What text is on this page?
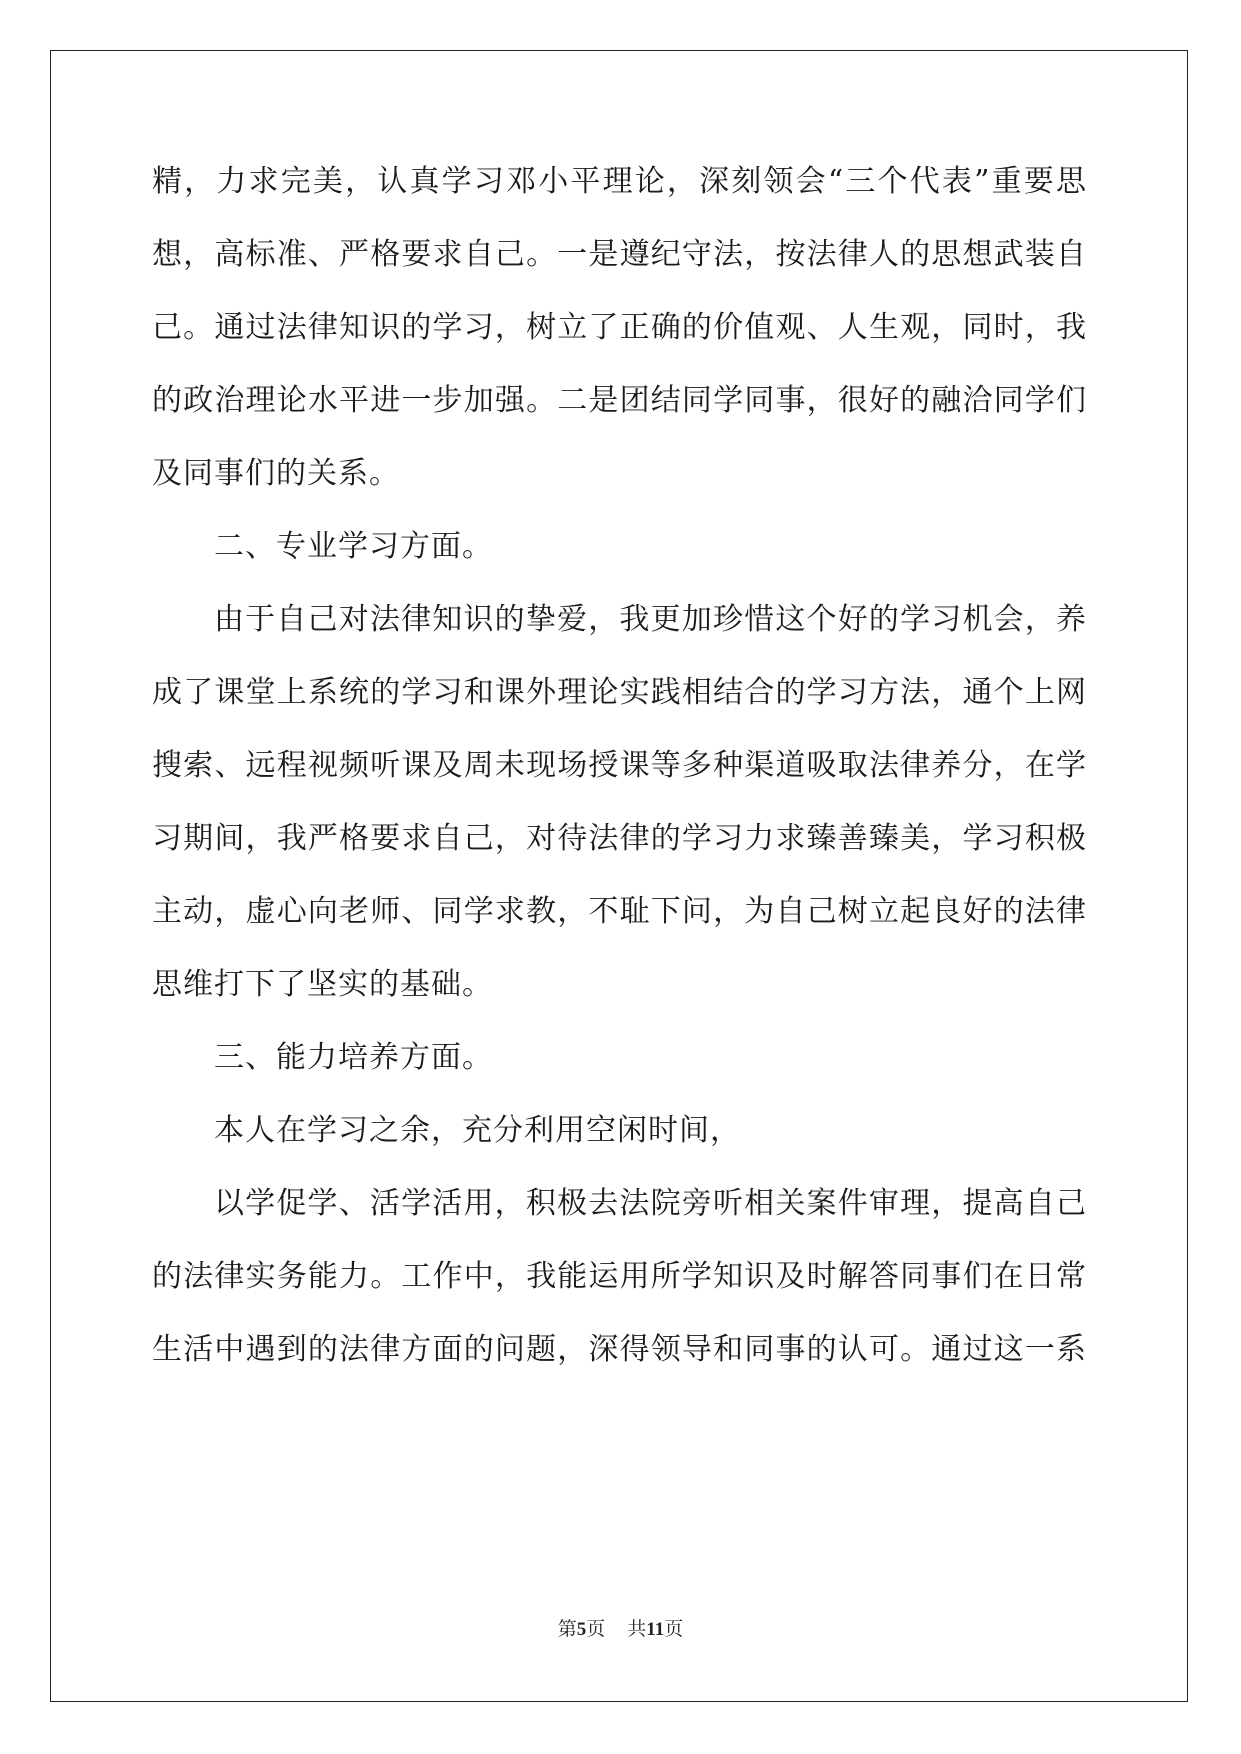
精，力求完美，认真学习邓小平理论，深刻领会“三个代表”重要思
想，高标准、严格要求自己。一是遵纪守法，按法律人的思想武装自
己。通过法律知识的学习，树立了正确的价值观、人生观，同时，我
的政治理论水平进一步加强。二是团结同学同事，很好的融洽同学们
及同事们的关系。
二、专业学习方面。
由于自己对法律知识的挚爱，我更加珍惜这个好的学习机会，养
成了课堂上系统的学习和课外理论实践相结合的学习方法，通个上网
搜索、远程视频听课及周未现场授课等多种渠道吸取法律养分，在学
习期间，我严格要求自己，对待法律的学习力求臻善臻美，学习积极
主动，虚心向老师、同学求教，不耻下问，为自己树立起良好的法律
思维打下了坚实的基础。
三、能力培养方面。
本人在学习之余，充分利用空闲时间，
以学促学、活学活用，积极去法院旁听相关案件审理，提高自己
的法律实务能力。工作中，我能运用所学知识及时解答同事们在日常
生活中遇到的法律方面的问题，深得领导和同事的认可。通过这一系
第5页 共11页
